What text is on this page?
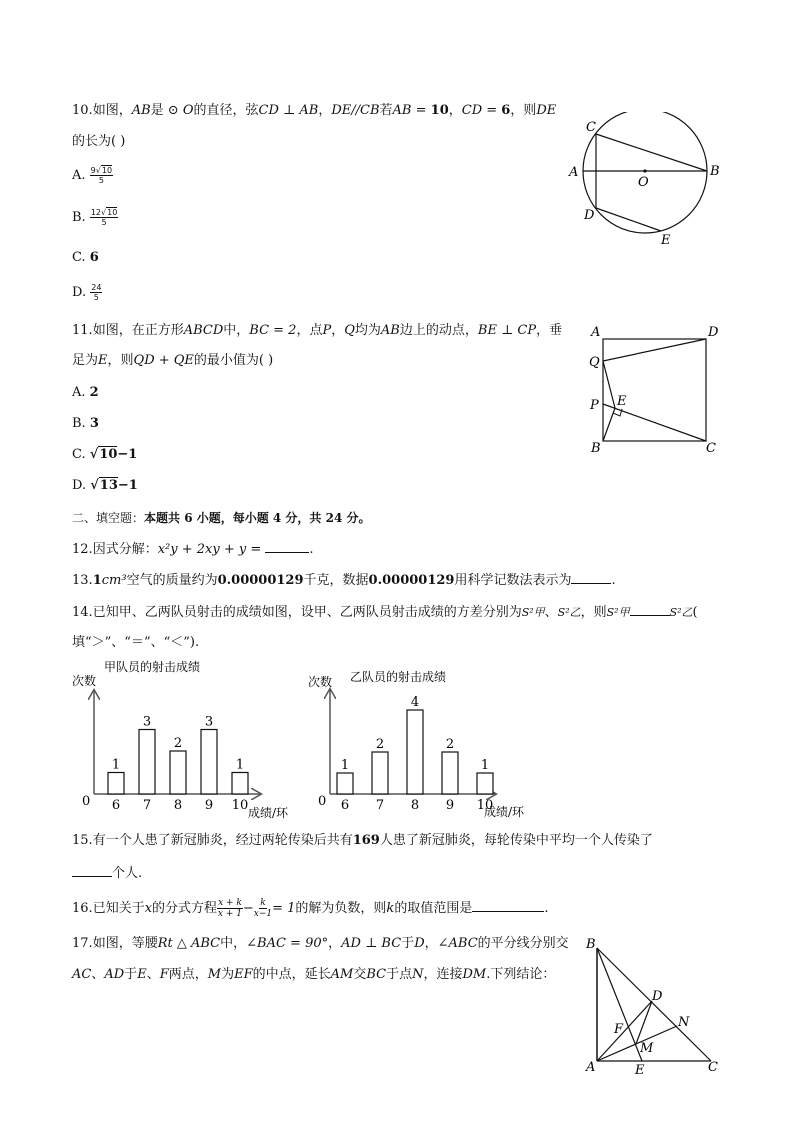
10.如图，AB是 ⊙ O的直径，弦CD ⊥ AB，DE//CB若AB = 10，CD = 6，则DE
的长为( )
A. $\frac{9√10}{5}$
B. $\frac{12√10}{5}$
C. 6
D. $\frac{24}{5}$
C
A	B
O
D
E
11.如图，在正方形ABCD中，BC = 2，点P，Q均为AB边上的动点，BE ⊥ CP，垂
足为E，则QD + QE的最小值为( )
A. 2
B. 3
C. √10−1
D. √13−1
A	D
Q
P E
B	C
二、填空题：本题共 6 小题，每小题 4 分，共 24 分。
12.因式分解：x²y + 2xy + y =	.
13.1cm³空气的质量约为0.00000129千克，数据0.00000129用科学记数法表示为	.
14.已知甲、乙两队员射击的成绩如图，设甲、乙两队员射击成绩的方差分别为S²甲、S²乙，则S²甲	S²乙(
填“＞”、“＝”、“＜”).
甲队员的射击成绩
次数
0
1
6
3
7
2
8
3
9
1
10 成绩/环
乙队员的射击成绩
次数
0
1
6
2
7
4
8
2
9
1
10
成绩/环
15.有一个人患了新冠肺炎，经过两轮传染后共有169人患了新冠肺炎，每轮传染中平均一个人传染了
个人.
16.已知关于x的分式方程 $\frac{x + k}{x + 1} - \frac{k}{x-1} = 1$的解为负数，则k的取值范围是	.
17.如图，等腰Rt △ ABC中，∠BAC = 90°，AD ⊥ BC于D，∠ABC的平分线分别交
AC、AD于E、F两点，M为EF的中点，延长AM交BC于点N，连接DM.下列结论：
B
D
N
F
M
A	E	C
